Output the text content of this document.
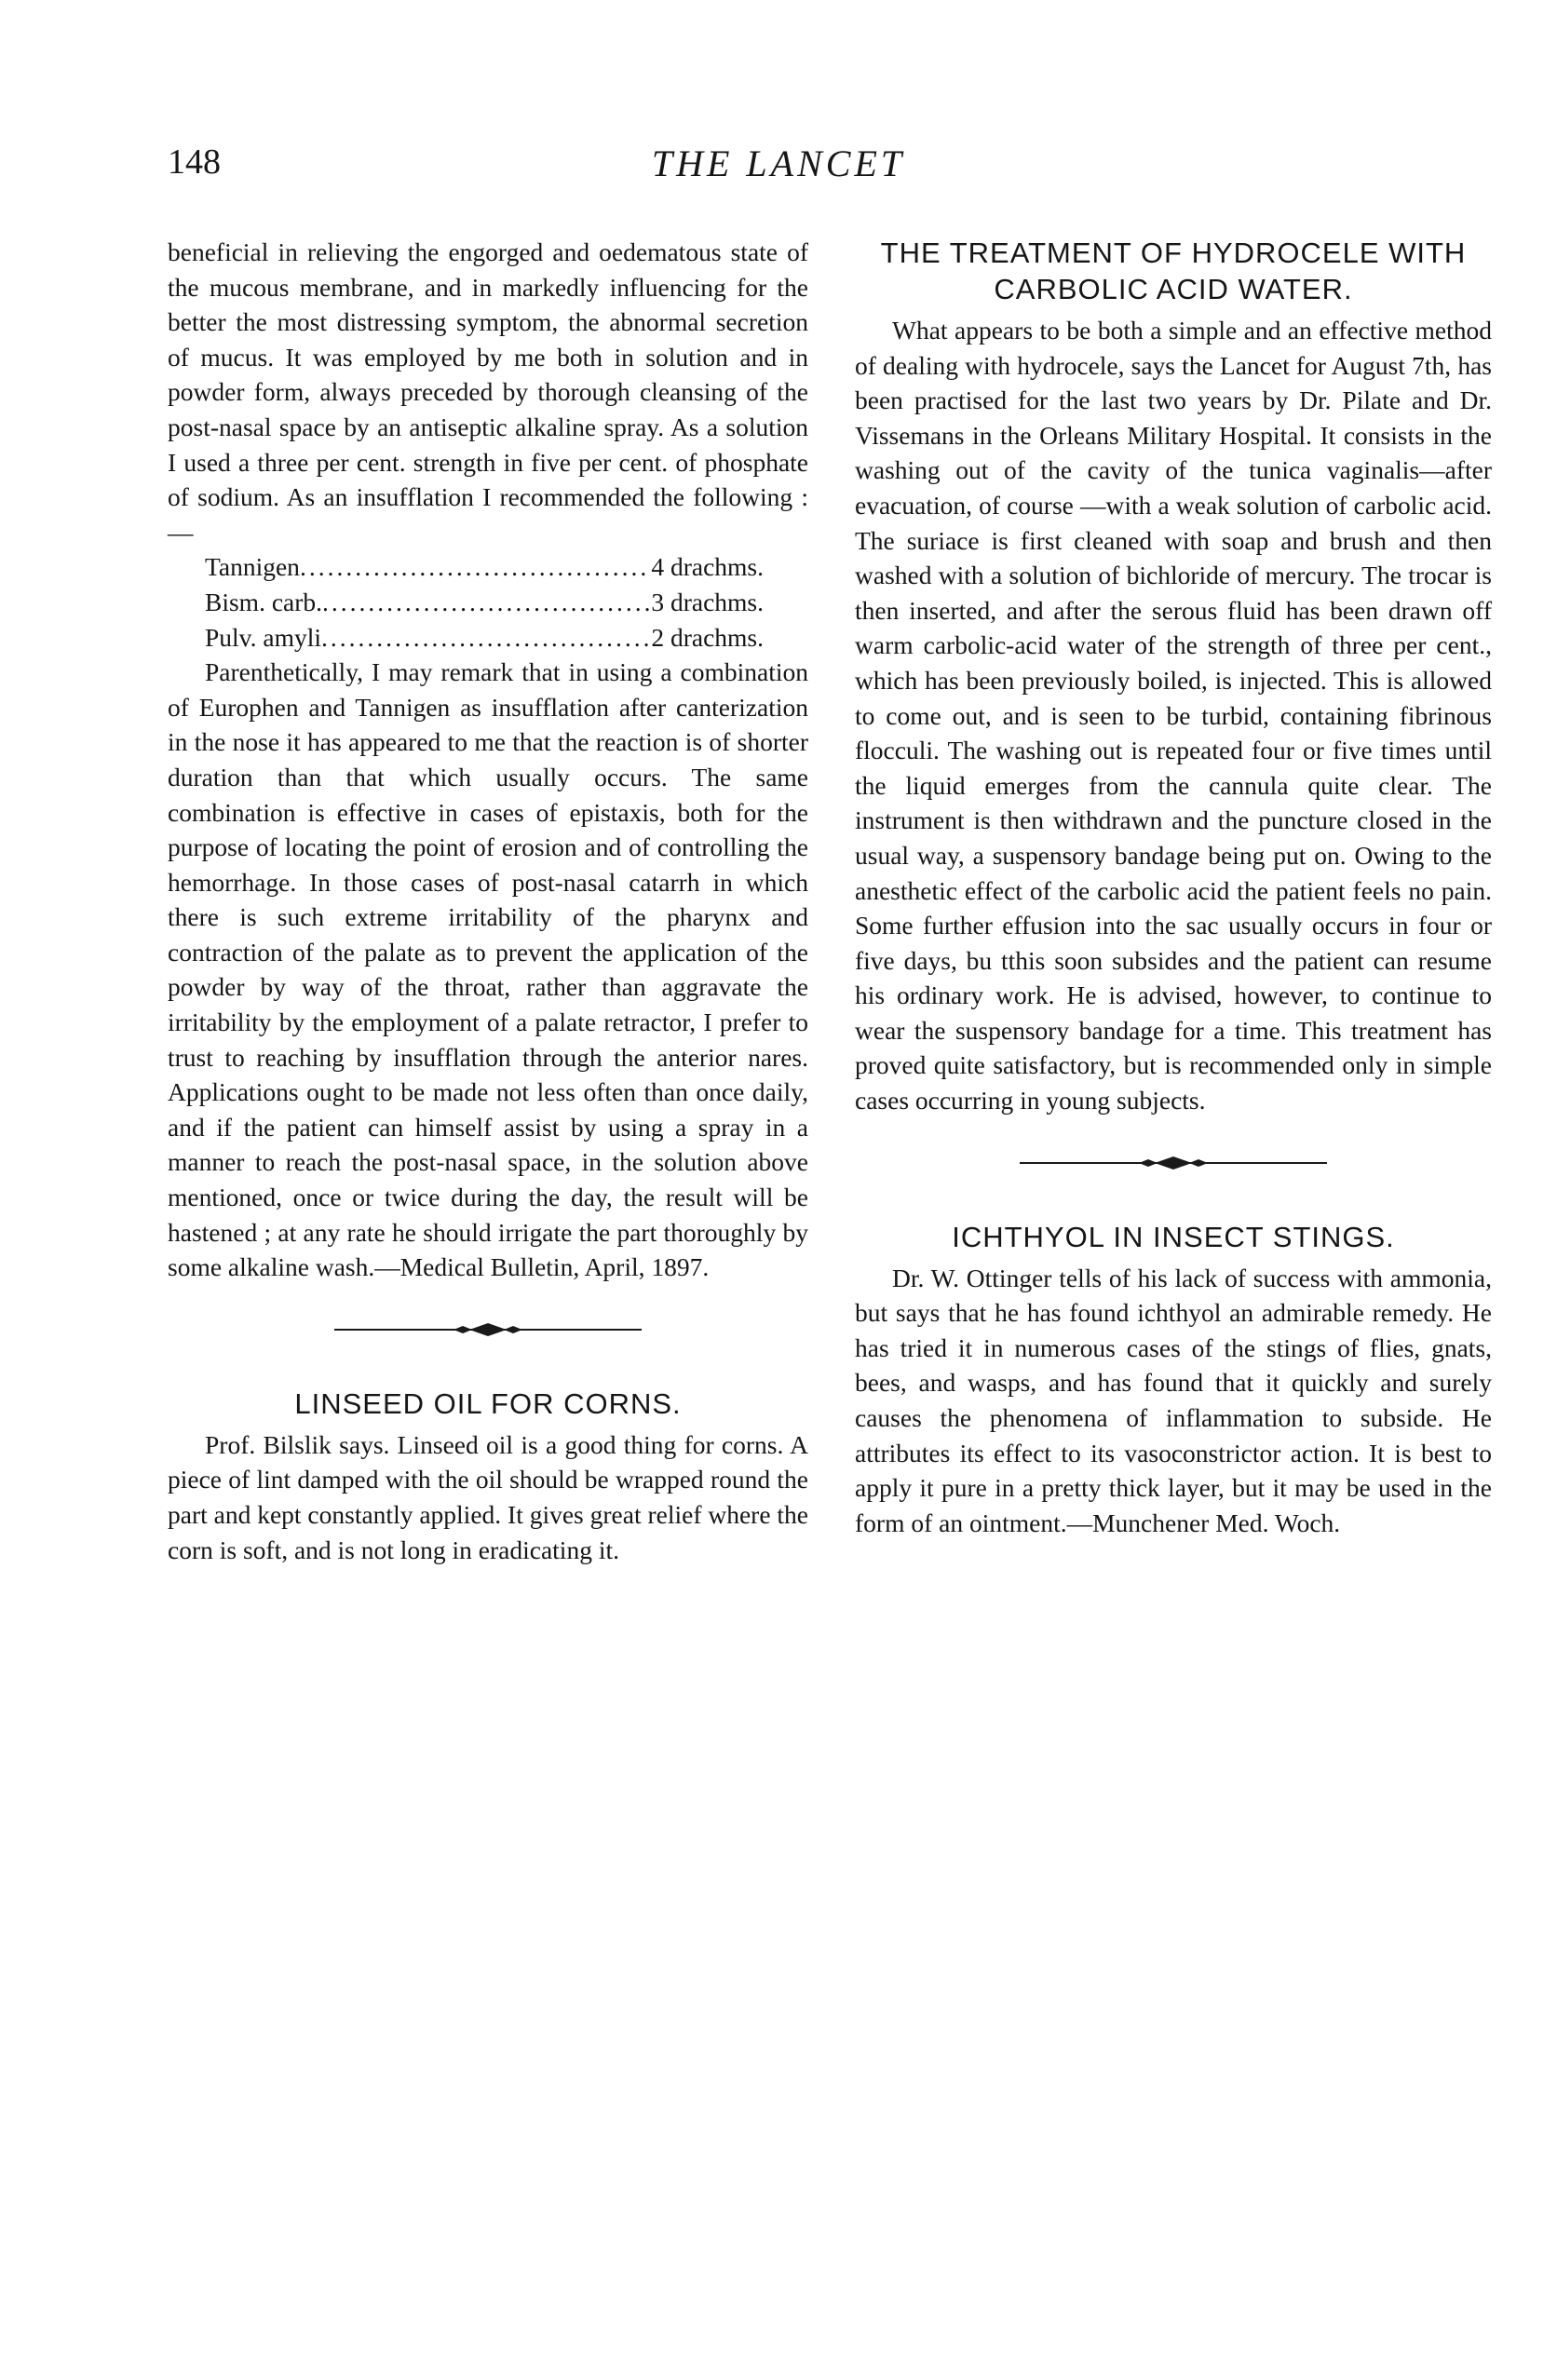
148	THE LANCET

beneficial in relieving the engorged and oedematous state of the mucous membrane, and in markedly influencing for the better the most distressing symptom, the abnormal secretion of mucus. It was employed by me both in solution and in powder form, always preceded by thorough cleansing of the post-nasal space by an antiseptic alkaline spray. As a solution I used a three per cent. strength in five per cent. of phosphate of sodium. As an insufflation I recommended the following :—

Tannigen .....	4 drachms.
Bism. carb. .....	3 drachms.
Pulv. amyli .....	2 drachms.

Parenthetically, I may remark that in using a combination of Europhen and Tannigen as insufflation after canterization in the nose it has appeared to me that the reaction is of shorter duration than that which usually occurs. The same combination is effective in cases of epistaxis, both for the purpose of locating the point of erosion and of controlling the hemorrhage. In those cases of post-nasal catarrh in which there is such extreme irritability of the pharynx and contraction of the palate as to prevent the application of the powder by way of the throat, rather than aggravate the irritability by the employment of a palate retractor, I prefer to trust to reaching by insufflation through the anterior nares. Applications ought to be made not less often than once daily, and if the patient can himself assist by using a spray in a manner to reach the post-nasal space, in the solution above mentioned, once or twice during the day, the result will be hastened ; at any rate he should irrigate the part thoroughly by some alkaline wash.—Medical Bulletin, April, 1897.

LINSEED OIL FOR CORNS.

Prof. Bilslik says. Linseed oil is a good thing for corns. A piece of lint damped with the oil should be wrapped round the part and kept constantly applied. It gives great relief where the corn is soft, and is not long in eradicating it.

THE TREATMENT OF HYDROCELE WITH CARBOLIC ACID WATER.

What appears to be both a simple and an effective method of dealing with hydrocele, says the Lancet for August 7th, has been practised for the last two years by Dr. Pilate and Dr. Vissemans in the Orleans Military Hospital. It consists in the washing out of the cavity of the tunica vaginalis—after evacuation, of course —with a weak solution of carbolic acid. The suriace is first cleaned with soap and brush and then washed with a solution of bichloride of mercury. The trocar is then inserted, and after the serous fluid has been drawn off warm carbolic-acid water of the strength of three per cent., which has been previously boiled, is injected. This is allowed to come out, and is seen to be turbid, containing fibrinous flocculi. The washing out is repeated four or five times until the liquid emerges from the cannula quite clear. The instrument is then withdrawn and the puncture closed in the usual way, a suspensory bandage being put on. Owing to the anesthetic effect of the carbolic acid the patient feels no pain. Some further effusion into the sac usually occurs in four or five days, bu tthis soon subsides and the patient can resume his ordinary work. He is advised, however, to continue to wear the suspensory bandage for a time. This treatment has proved quite satisfactory, but is recommended only in simple cases occurring in young subjects.

ICHTHYOL IN INSECT STINGS.

Dr. W. Ottinger tells of his lack of success with ammonia, but says that he has found ichthyol an admirable remedy. He has tried it in numerous cases of the stings of flies, gnats, bees, and wasps, and has found that it quickly and surely causes the phenomena of inflammation to subside. He attributes its effect to its vasoconstrictor action. It is best to apply it pure in a pretty thick layer, but it may be used in the form of an ointment.—Munchener Med. Woch.
